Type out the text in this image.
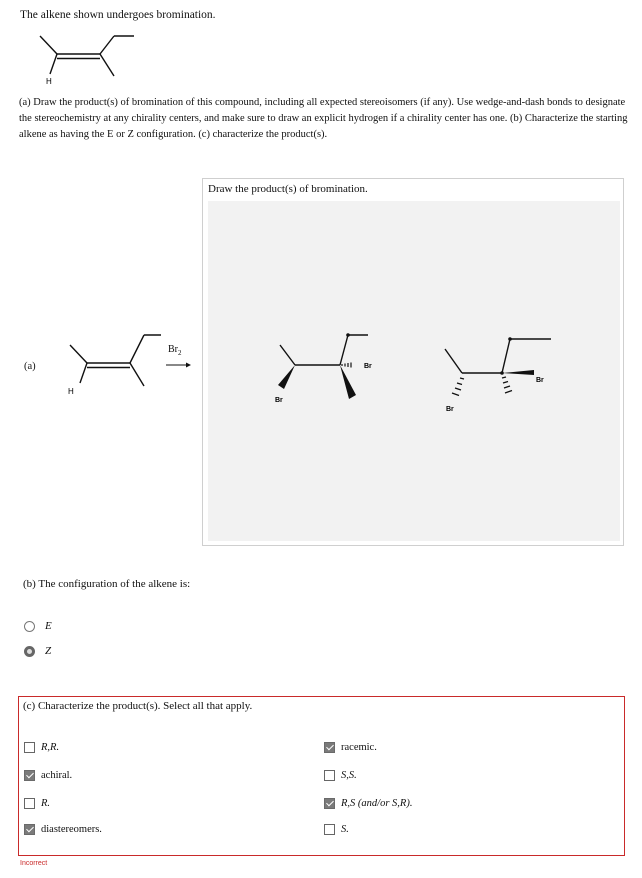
The alkene shown undergoes bromination.
H
(a) Draw the product(s) of bromination of this compound, including all expected stereoisomers (if any). Use wedge-and-dash bonds to designate the stereochemistry at any chirality centers, and make sure to draw an explicit hydrogen if a chirality center has one. (b) Characterize the starting alkene as having the E or Z configuration. (c) characterize the product(s).
(a)
H
$Br_2$
Draw the product(s) of bromination.
Br
Br
Br
Br
(b) The configuration of the alkene is:
E
Z
(c) Characterize the product(s). Select all that apply.
R,R.	racemic.
achiral.	S,S.
R.	R,S (and/or S,R).
diastereomers.	S.
Incorrect
